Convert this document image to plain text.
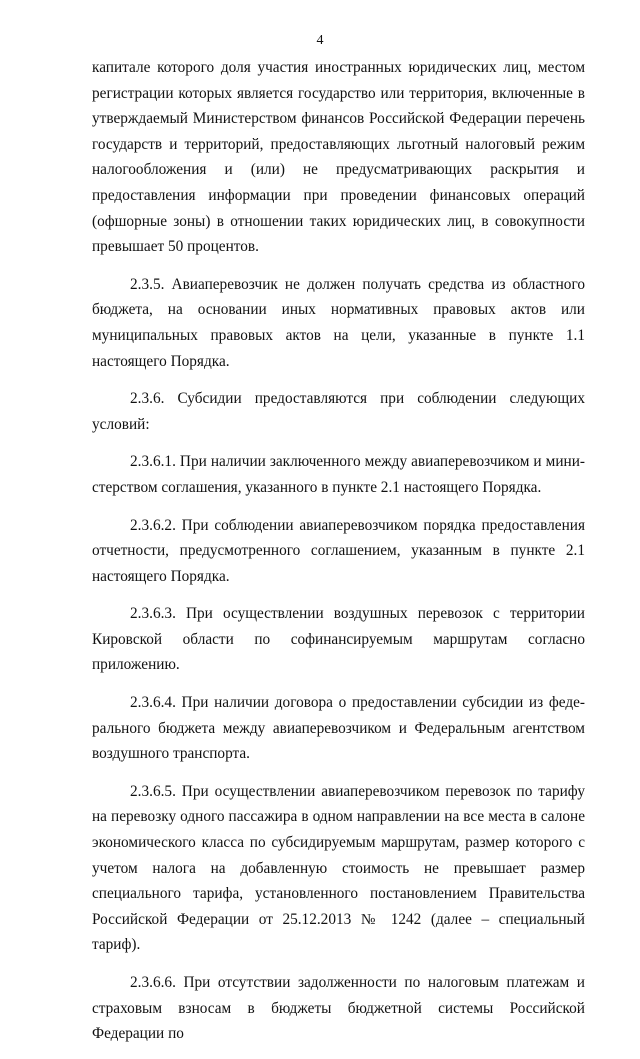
4

капитале которого доля участия иностранных юридических лиц, местом регистрации которых является государство или территория, включенные в утверждаемый Министерством финансов Российской Федерации перечень государств и территорий, предоставляющих льготный налоговый режим налогообложения и (или) не предусматривающих раскрытия и предоставления информации при проведении финансовых операций (офшорные зоны) в отношении таких юридических лиц, в совокупности превышает 50 процентов.

2.3.5. Авиаперевозчик не должен получать средства из областного бюджета, на основании иных нормативных правовых актов или муниципальных правовых актов на цели, указанные в пункте 1.1 настоящего Порядка.

2.3.6. Субсидии предоставляются при соблюдении следующих условий:

2.3.6.1. При наличии заключенного между авиаперевозчиком и министерством соглашения, указанного в пункте 2.1 настоящего Порядка.

2.3.6.2. При соблюдении авиаперевозчиком порядка предоставления отчетности, предусмотренного соглашением, указанным в пункте 2.1 настоящего Порядка.

2.3.6.3. При осуществлении воздушных перевозок с территории Кировской области по софинансируемым маршрутам согласно приложению.

2.3.6.4. При наличии договора о предоставлении субсидии из федерального бюджета между авиаперевозчиком и Федеральным агентством воздушного транспорта.

2.3.6.5. При осуществлении авиаперевозчиком перевозок по тарифу на перевозку одного пассажира в одном направлении на все места в салоне экономического класса по субсидируемым маршрутам, размер которого с учетом налога на добавленную стоимость не превышает размер специального тарифа, установленного постановлением Правительства Российской Федерации от 25.12.2013 № 1242 (далее – специальный тариф).

2.3.6.6. При отсутствии задолженности по налоговым платежам и страховым взносам в бюджеты бюджетной системы Российской Федерации по
